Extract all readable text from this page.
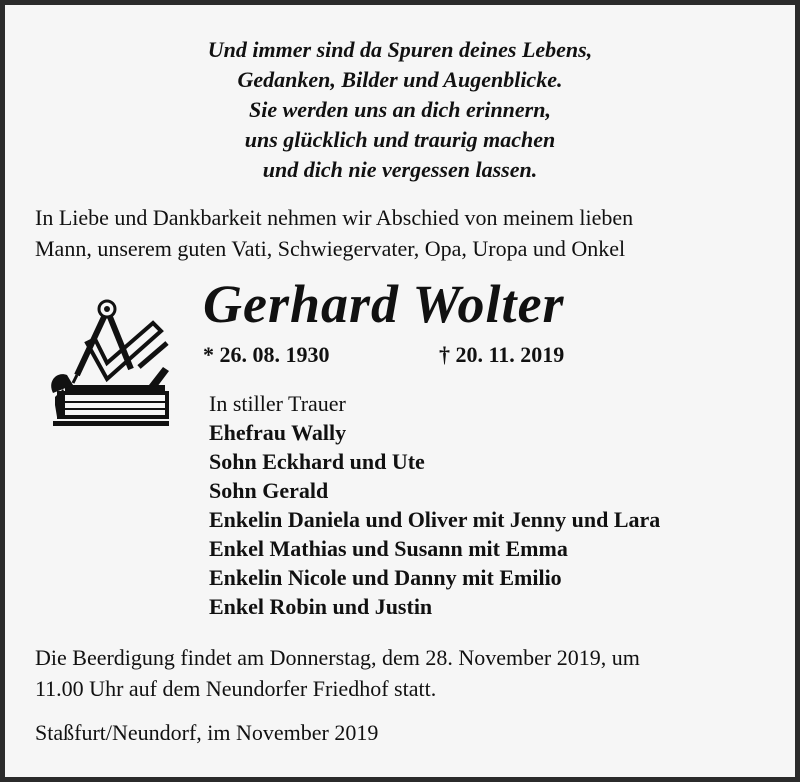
Und immer sind da Spuren deines Lebens,
Gedanken, Bilder und Augenblicke.
Sie werden uns an dich erinnern,
uns glücklich und traurig machen
und dich nie vergessen lassen.
In Liebe und Dankbarkeit nehmen wir Abschied von meinem lieben
Mann, unserem guten Vati, Schwiegervater, Opa, Uropa und Onkel
Gerhard Wolter
* 26. 08. 1930	† 20. 11. 2019
In stiller Trauer
Ehefrau Wally
Sohn Eckhard und Ute
Sohn Gerald
Enkelin Daniela und Oliver mit Jenny und Lara
Enkel Mathias und Susann mit Emma
Enkelin Nicole und Danny mit Emilio
Enkel Robin und Justin
Die Beerdigung findet am Donnerstag, dem 28. November 2019, um
11.00 Uhr auf dem Neundorfer Friedhof statt.
Staßfurt/Neundorf, im November 2019
